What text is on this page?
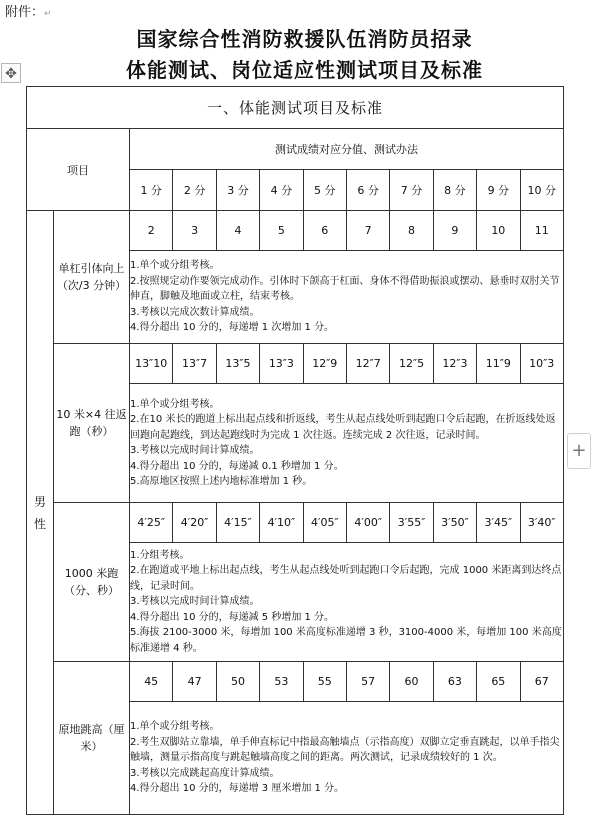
附件：↵
国家综合性消防救援队伍消防员招录
体能测试、岗位适应性测试项目及标准
✥
一、体能测试项目及标准											
项目		测试成绩对应分值、测试办法									
		1 分	2 分	3 分	4 分	5 分	6 分	7 分	8 分	9 分	10 分
男 性	单杠引体向上（次/3 分钟）	2	3	4	5	6	7	8	9	10	11

		1.单个或分组考核。
2.按照规定动作要领完成动作。引体时下颌高于杠面、身体不得借助振浪或摆动、悬垂时双肘关节伸直，脚触及地面或立柱，结束考核。
3.考核以完成次数计算成绩。
4.得分超出 10 分的，每递增 1 次增加 1 分。									

	10 米×4 往返跑（秒）	13″10	13″7	13″5	13″3	12″9	12″7	12″5	12″3	11″9	10″3

		1.单个或分组考核。
2.在10 米长的跑道上标出起点线和折返线，考生从起点线处听到起跑口令后起跑，在折返线处返回跑向起跑线，到达起跑线时为完成 1 次往返。连续完成 2 次往返，记录时间。
3.考核以完成时间计算成绩。
4.得分超出 10 分的，每递减 0.1 秒增加 1 分。
5.高原地区按照上述内地标准增加 1 秒。									

	1000 米跑（分、秒）	4′25″	4′20″	4′15″	4′10″	4′05″	4′00″	3′55″	3′50″	3′45″	3′40″

		1.分组考核。
2.在跑道或平地上标出起点线，考生从起点线处听到起跑口令后起跑，完成 1000 米距离到达终点线，记录时间。
3.考核以完成时间计算成绩。
4.得分超出 10 分的，每递减 5 秒增加 1 分。
5.海拔 2100-3000 米，每增加 100 米高度标准递增 3 秒，3100-4000 米，每增加 100 米高度标准递增 4 秒。									

	原地跳高（厘米）	45	47	50	53	55	57	60	63	65	67

		1.单个或分组考核。
2.考生双脚站立靠墙，单手伸直标记中指最高触墙点（示指高度）双脚立定垂直跳起，以单手指尖触墙，测量示指高度与跳起触墙高度之间的距离。两次测试，记录成绩较好的 1 次。
3.考核以完成跳起高度计算成绩。
4.得分超出 10 分的，每递增 3 厘米增加 1 分。									
+
